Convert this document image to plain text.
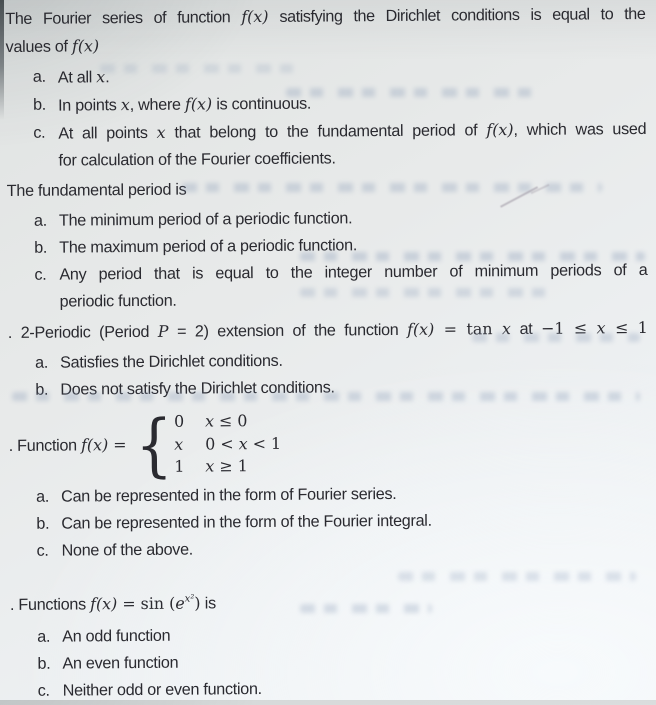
The Fourier series of function f(x) satisfying the Dirichlet conditions is equal to the
values of f(x)
a. At all x.
b. In points x, where f(x) is continuous.
c. At all points x that belong to the fundamental period of f(x), which was used
for calculation of the Fourier coefficients.
The fundamental period is
a. The minimum period of a periodic function.
b. The maximum period of a periodic function.
c. Any period that is equal to the integer number of minimum periods of a
periodic function.
. 2-Periodic (Period P = 2) extension of the function f(x) = tan x at −1 ≤ x ≤ 1
a. Satisfies the Dirichlet conditions.
b. Does not satisfy the Dirichlet conditions.
. Function f(x) = { 0	x ≤ 0
x	0 < x < 1
1	x ≥ 1
a. Can be represented in the form of Fourier series.
b. Can be represented in the form of the Fourier integral.
c. None of the above.
. Functions $f(x) = \sin (e^{x^2})$ is
a. An odd function
b. An even function
c. Neither odd or even function.
